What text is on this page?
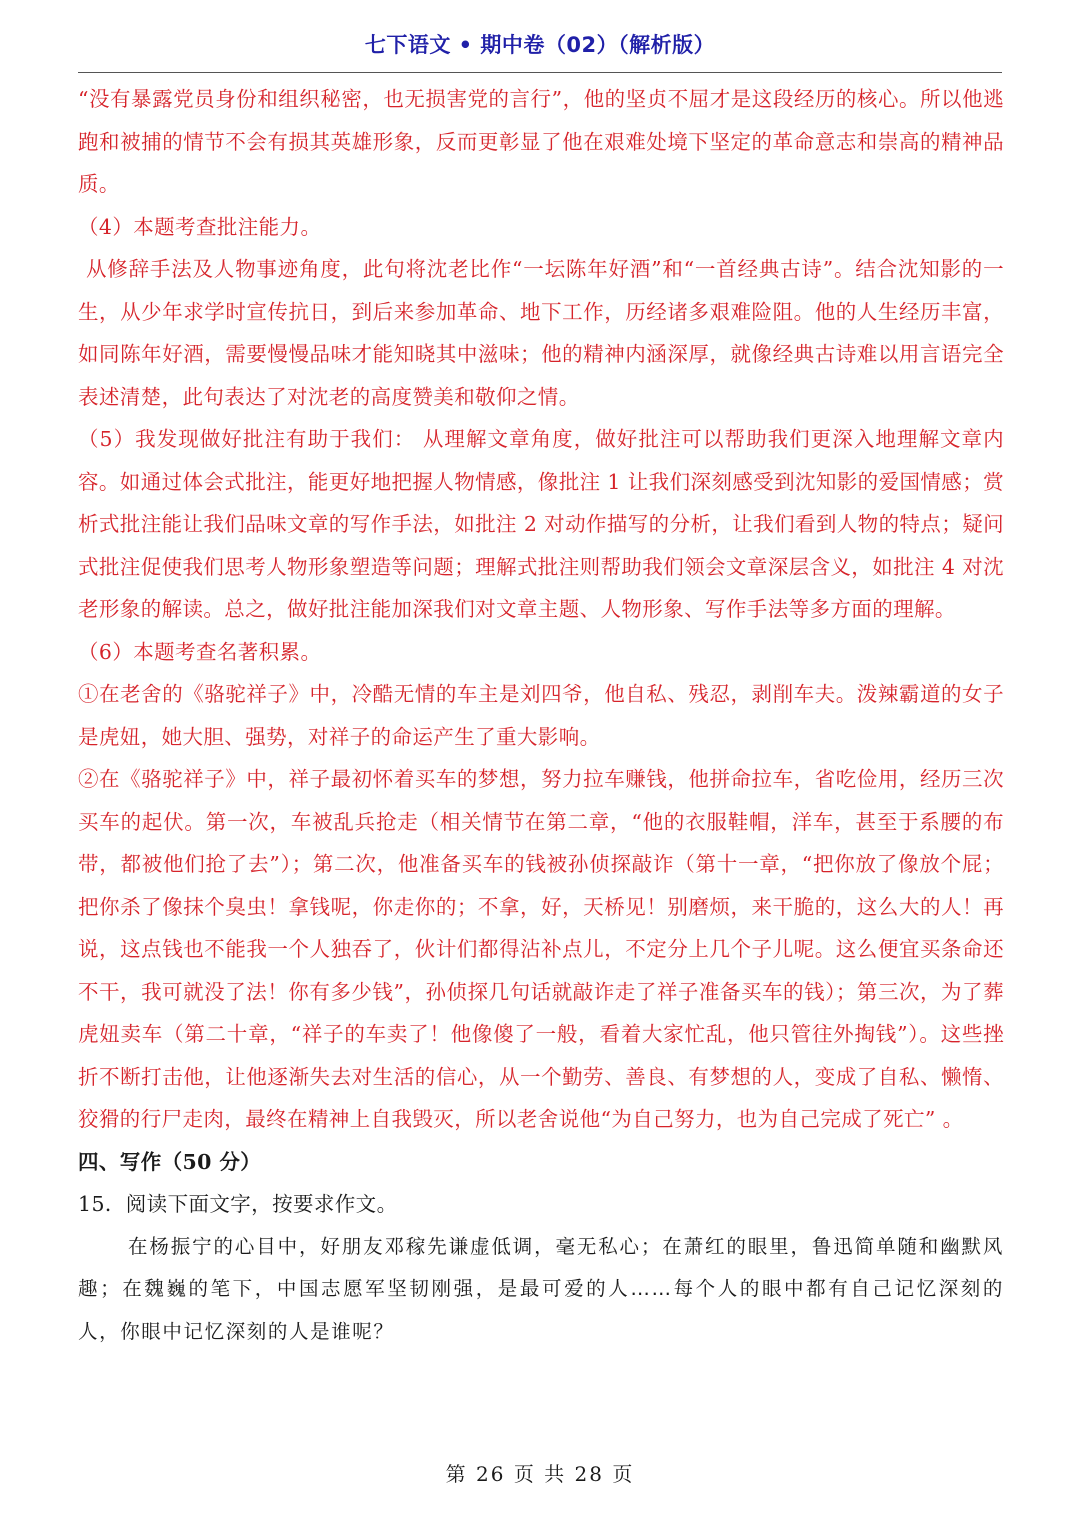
七下语文 • 期中卷（02）（解析版）

“没有暴露党员身份和组织秘密，也无损害党的言行”，他的坚贞不屈才是这段经历的核心。所以他逃跑和被捕的情节不会有损其英雄形象，反而更彰显了他在艰难处境下坚定的革命意志和崇高的精神品质。

（4）本题考查批注能力。

从修辞手法及人物事迹角度，此句将沈老比作“一坛陈年好酒”和“一首经典古诗”。结合沈知影的一生，从少年求学时宣传抗日，到后来参加革命、地下工作，历经诸多艰难险阻。他的人生经历丰富，如同陈年好酒，需要慢慢品味才能知晓其中滋味；他的精神内涵深厚，就像经典古诗难以用言语完全表述清楚，此句表达了对沈老的高度赞美和敬仰之情。

（5）我发现做好批注有助于我们： 从理解文章角度，做好批注可以帮助我们更深入地理解文章内容。如通过体会式批注，能更好地把握人物情感，像批注 1 让我们深刻感受到沈知影的爱国情感；赏析式批注能让我们品味文章的写作手法，如批注 2 对动作描写的分析，让我们看到人物的特点；疑问式批注促使我们思考人物形象塑造等问题；理解式批注则帮助我们领会文章深层含义，如批注 4 对沈老形象的解读。总之，做好批注能加深我们对文章主题、人物形象、写作手法等多方面的理解。

（6）本题考查名著积累。

①在老舍的《骆驼祥子》中，冷酷无情的车主是刘四爷，他自私、残忍，剥削车夫。泼辣霸道的女子是虎妞，她大胆、强势，对祥子的命运产生了重大影响。

②在《骆驼祥子》中，祥子最初怀着买车的梦想，努力拉车赚钱，他拼命拉车，省吃俭用，经历三次买车的起伏。第一次，车被乱兵抢走（相关情节在第二章，“他的衣服鞋帽，洋车，甚至于系腰的布带，都被他们抢了去”）；第二次，他准备买车的钱被孙侦探敲诈（第十一章，“把你放了像放个屁；把你杀了像抹个臭虫！拿钱呢，你走你的；不拿，好，天桥见！别磨烦，来干脆的，这么大的人！再说，这点钱也不能我一个人独吞了，伙计们都得沾补点儿，不定分上几个子儿呢。这么便宜买条命还不干，我可就没了法！你有多少钱”，孙侦探几句话就敲诈走了祥子准备买车的钱）；第三次，为了葬虎妞卖车（第二十章，“祥子的车卖了！他像傻了一般，看着大家忙乱，他只管往外掏钱”）。这些挫折不断打击他，让他逐渐失去对生活的信心，从一个勤劳、善良、有梦想的人，变成了自私、懒惰、狡猾的行尸走肉，最终在精神上自我毁灭，所以老舍说他“为自己努力，也为自己完成了死亡” 。

四、写作（50 分）

15．阅读下面文字，按要求作文。

在杨振宁的心目中，好朋友邓稼先谦虚低调，毫无私心；在萧红的眼里，鲁迅简单随和幽默风趣；在魏巍的笔下，中国志愿军坚韧刚强，是最可爱的人……每个人的眼中都有自己记忆深刻的人，你眼中记忆深刻的人是谁呢？

第 26 页 共 28 页
